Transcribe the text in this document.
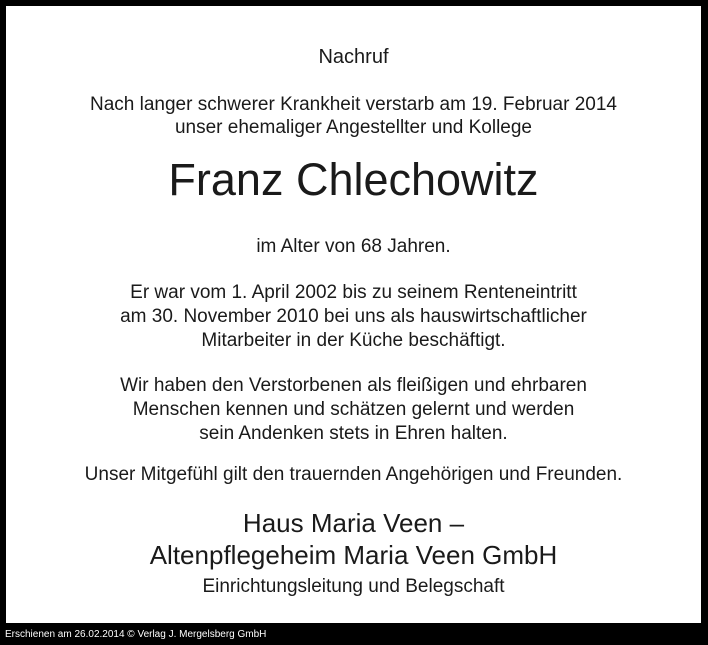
Nachruf
Nach langer schwerer Krankheit verstarb am 19. Februar 2014
unser ehemaliger Angestellter und Kollege
Franz Chlechowitz
im Alter von 68 Jahren.
Er war vom 1. April 2002 bis zu seinem Renteneintritt
am 30. November 2010 bei uns als hauswirtschaftlicher
Mitarbeiter in der Küche beschäftigt.
Wir haben den Verstorbenen als fleißigen und ehrbaren
Menschen kennen und schätzen gelernt und werden
sein Andenken stets in Ehren halten.
Unser Mitgefühl gilt den trauernden Angehörigen und Freunden.
Haus Maria Veen –
Altenpflegeheim Maria Veen GmbH
Einrichtungsleitung und Belegschaft
Erschienen am 26.02.2014 © Verlag J. Mergelsberg GmbH
